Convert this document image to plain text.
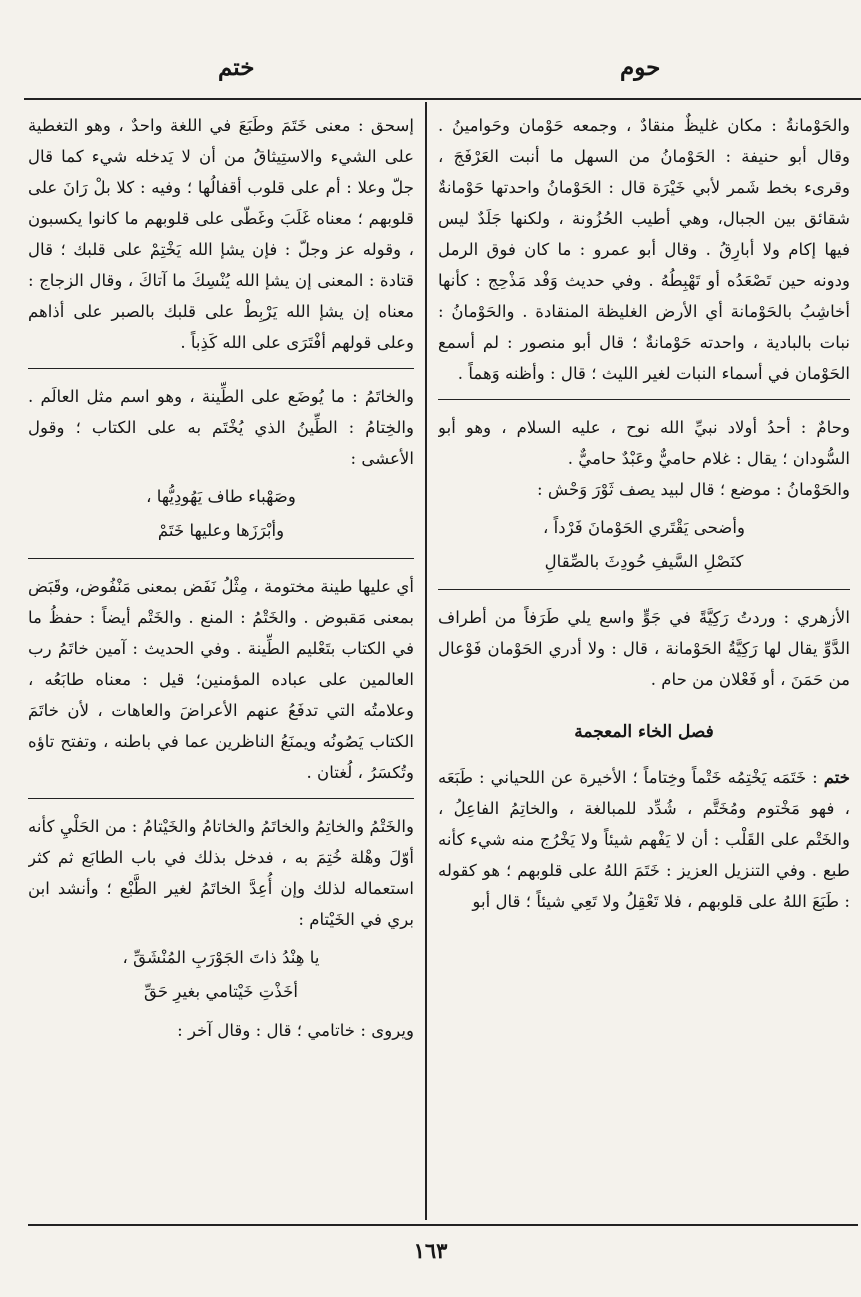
حوم
ختم

والحَوْمانةُ : مكان غليظٌ منقادٌ ، وجمعه حَوْمان وحَوامينُ . وقال أبو حنيفة : الحَوْمانُ من السهل ما أنبت العَرْفَجَ ، وقرىء بخط شَمر لأبي خَيْرَة قال : الحَوْمانُ واحدتها حَوْمانةٌ شقائق بين الجبال، وهي أطيب الحُزُونة ، ولكنها جَلَدٌ ليس فيها إكام ولا أبارِقُ . وقال أبو عمرو : ما كان فوق الرمل ودونه حين تَصْعَدُه أو تَهْبِطُهُ . وفي حديث وَفْد مَذْحِج : كأنها أخاشِبُ بالحَوْمانة أي الأرض الغليظة المنقادة . والحَوْمانُ : نبات بالبادية ، واحدته حَوْمانةٌ ؛ قال أبو منصور : لم أسمع الحَوْمان في أسماء النبات لغير الليث ؛ قال : وأظنه وَهماً .

وحامٌ : أحدُ أولاد نبيِّ الله نوح ، عليه السلام ، وهو أبو السُّودان ؛ يقال : غلام حاميٌّ وعَبْدٌ حاميٌّ .

والحَوْمانُ : موضع ؛ قال لبيد يصف ثَوْرَ وَحْش :

وأضحى يَقْتَري الحَوْمانَ فَرْداً ،
كنَصْلِ السَّيفِ حُودِثَ بالصِّقالِ

الأزهري : وردتُ رَكِيَّةً في جَوٍّ واسع يلي طَرَفاً من أطراف الدَّوِّ يقال لها رَكِيَّةُ الحَوْمانة ، قال : ولا أدري الحَوْمان فَوْعال من حَمَنَ ، أو فَعْلان من حام .

فصل الخاء المعجمة

ختم : خَتَمَه يَخْتِمُه خَتْماً وخِتاماً ؛ الأخيرة عن اللحياني : طَبَعَه ، فهو مَخْتوم ومُخَتَّم ، شُدِّد للمبالغة ، والخاتِمُ الفاعِلُ ، والخَتْم على القَلْب : أن لا يَفْهم شيئاً ولا يَخْرُج منه شيء كأنه طبع . وفي التنزيل العزيز : خَتَمَ اللهُ على قلوبهم ؛ هو كقوله : طَبَعَ اللهُ على قلوبهم ، فلا تَعْقِلُ ولا تَعِي شيئاً ؛ قال أبو

إسحق : معنى خَتَمَ وطَبَعَ في اللغة واحدٌ ، وهو التغطية على الشيء والاستِيثاقُ من أن لا يَدخله شيء كما قال جلّ وعلا : أم على قلوب أقفالُها ؛ وفيه : كلا بلْ رَانَ على قلوبهم ؛ معناه غَلَبَ وغَطّى على قلوبهم ما كانوا يكسبون ، وقوله عز وجلّ : فإن يشإ الله يَخْتِمْ على قلبك ؛ قال قتادة : المعنى إن يشإ الله يُنْسِكَ ما آتاكَ ، وقال الزجاج : معناه إن يشإ الله يَرْبِطْ على قلبك بالصبر على أذاهم وعلى قولهم أفْتَرَى على الله كَذِباً .

والخاتَمُ : ما يُوضَع على الطِّينة ، وهو اسم مثل العالَم . والخِتامُ : الطِّينُ الذي يُخْتَم به على الكتاب ؛ وقول الأعشى :

وصَهْباء طاف يَهُودِيُّها ،
وأبْرَزَها وعليها خَتَمْ

أي عليها طينة مختومة ، مِثْلُ نَفَض بمعنى مَنْفُوض، وقَبَض بمعنى مَقبوض . والخَتْمُ : المنع . والخَتْم أيضاً : حفظُ ما في الكتاب بتَعْليم الطِّينة . وفي الحديث : آمين خاتَمُ رب العالمين على عباده المؤمنين؛ قيل : معناه طابَعُه ، وعلامتُه التي تدفَعُ عنهم الأعراضَ والعاهات ، لأن خاتَمَ الكتاب يَصُونُه ويمنَعُ الناظرين عما في باطنه ، وتفتح تاؤه وتُكسَرُ ، لُغتان .

والخَتْمُ والخاتِمُ والخاتَمُ والخاتامُ والخَيْتامُ : من الحَلْيِ كأنه أوّلَ وهْلة خُتِمَ به ، فدخل بذلك في باب الطابَع ثم كثر استعماله لذلك وإن أُعِدَّ الخاتَمُ لغير الطَّبْع ؛ وأنشد ابن بري في الخَيْتام :

يا هِنْدُ ذاتَ الجَوْرَبِ المُنْشَقِّ ،
أخَذْتِ خَيْتامي بغيرِ حَقِّ

ويروى : خاتامي ؛ قال : وقال آخر :

١٦٣
